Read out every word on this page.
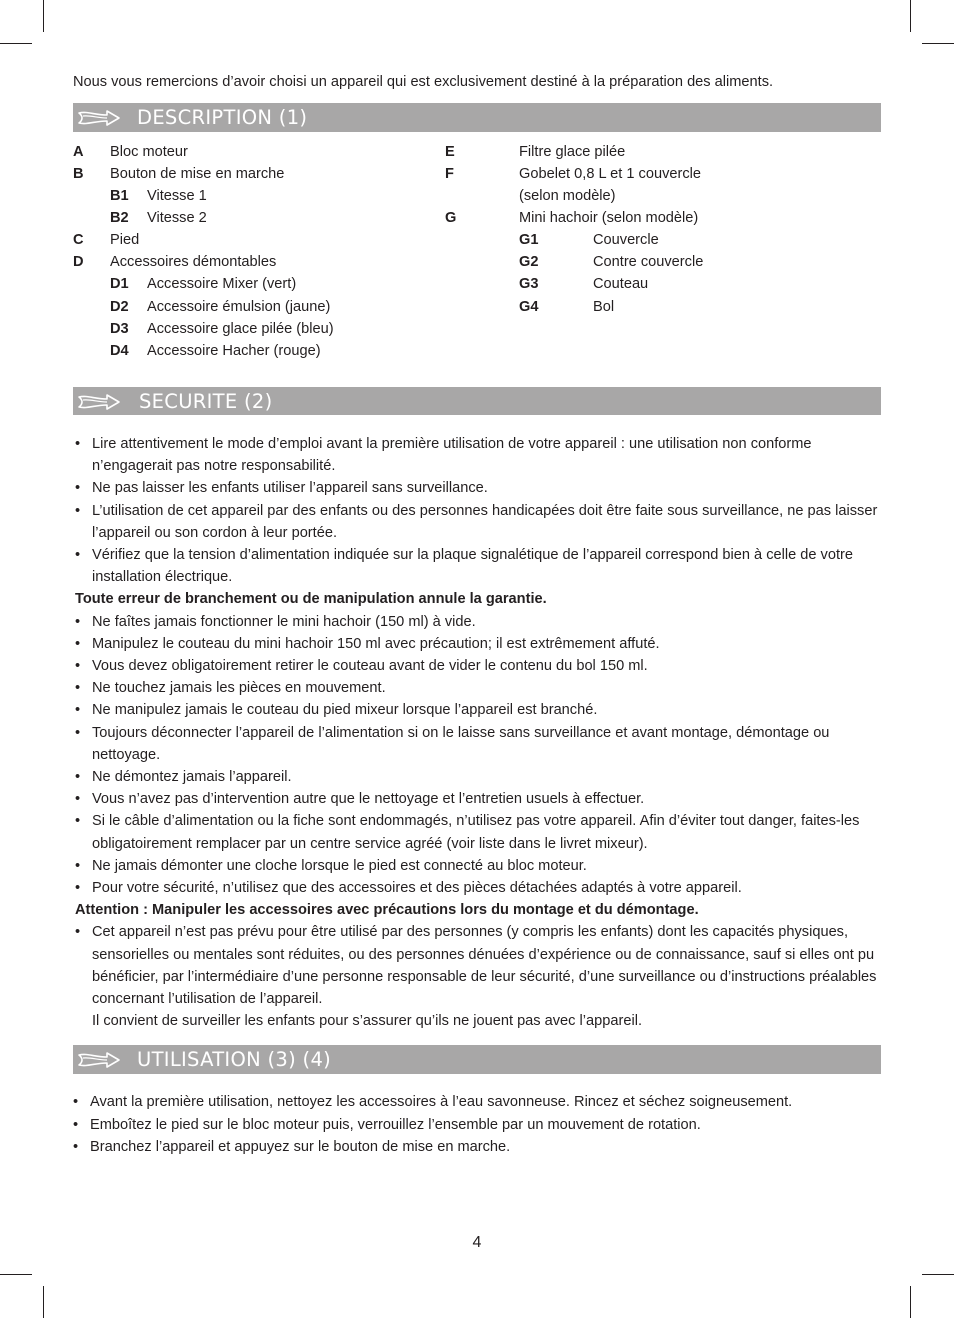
Nous vous remercions d’avoir choisi un appareil qui est exclusivement destiné à la préparation des aliments.
DESCRIPTION (1)
A Bloc moteur
B Bouton de mise en marche
B1 Vitesse 1
B2 Vitesse 2
C Pied
D Accessoires démontables
D1 Accessoire Mixer (vert)
D2 Accessoire émulsion (jaune)
D3 Accessoire glace pilée (bleu)
D4 Accessoire Hacher (rouge)
E	Filtre glace pilée
F	Gobelet 0,8 L et 1 couvercle
(selon modèle)
G	Mini hachoir (selon modèle)
G1	Couvercle
G2	Contre couvercle
G3	Couteau
G4	Bol
SECURITE (2)
• Lire attentivement le mode d’emploi avant la première utilisation de votre appareil : une utilisation non conforme n’engagerait pas notre responsabilité.
• Ne pas laisser les enfants utiliser l’appareil sans surveillance.
• L’utilisation de cet appareil par des enfants ou des personnes handicapées doit être faite sous surveillance, ne pas laisser l’appareil ou son cordon à leur portée.
• Vérifiez que la tension d’alimentation indiquée sur la plaque signalétique de l’appareil correspond bien à celle de votre installation électrique.
Toute erreur de branchement ou de manipulation annule la garantie.
• Ne faîtes jamais fonctionner le mini hachoir (150 ml) à vide.
• Manipulez le couteau du mini hachoir 150 ml avec précaution; il est extrêmement affuté.
• Vous devez obligatoirement retirer le couteau avant de vider le contenu du bol 150 ml.
• Ne touchez jamais les pièces en mouvement.
• Ne manipulez jamais le couteau du pied mixeur lorsque l’appareil est branché.
• Toujours déconnecter l’appareil de l’alimentation si on le laisse sans surveillance et avant montage, démontage ou nettoyage.
• Ne démontez jamais l’appareil.
• Vous n’avez pas d’intervention autre que le nettoyage et l’entretien usuels à effectuer.
• Si le câble d’alimentation ou la fiche sont endommagés, n’utilisez pas votre appareil. Afin d’éviter tout danger, faites-les obligatoirement remplacer par un centre service agréé (voir liste dans le livret mixeur).
• Ne jamais démonter une cloche lorsque le pied est connecté au bloc moteur.
• Pour votre sécurité, n’utilisez que des accessoires et des pièces détachées adaptés à votre appareil.
Attention : Manipuler les accessoires avec précautions lors du montage et du démontage.
• Cet appareil n’est pas prévu pour être utilisé par des personnes (y compris les enfants) dont les capacités physiques, sensorielles ou mentales sont réduites, ou des personnes dénuées d’expérience ou de connaissance, sauf si elles ont pu bénéficier, par l’intermédiaire d’une personne responsable de leur sécurité, d’une surveillance ou d’instructions préalables concernant l’utilisation de l’appareil.
Il convient de surveiller les enfants pour s’assurer qu’ils ne jouent pas avec l’appareil.
UTILISATION (3) (4)
• Avant la première utilisation, nettoyez les accessoires à l’eau savonneuse. Rincez et séchez soigneusement.
• Emboîtez le pied sur le bloc moteur puis, verrouillez l’ensemble par un mouvement de rotation.
• Branchez l’appareil et appuyez sur le bouton de mise en marche.
4
